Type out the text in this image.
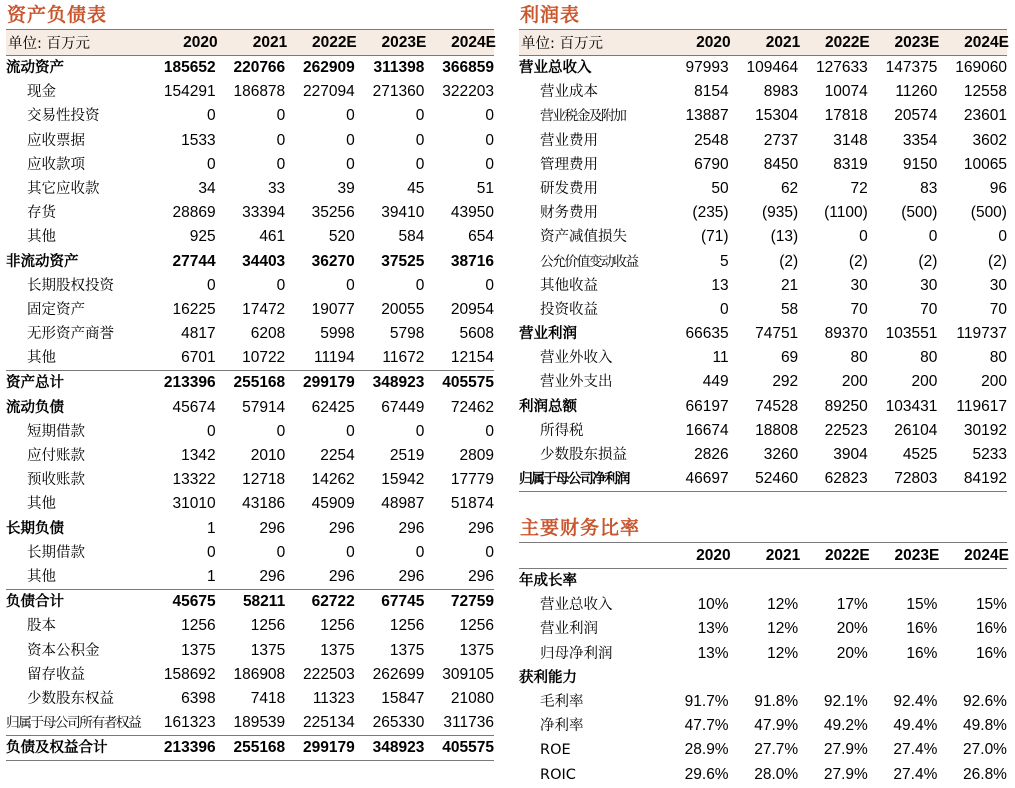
资产负债表
单位: 百万元	2020	2021	2022E	2023E	2024E
流动资产	185652	220766	262909	311398	366859
现金	154291	186878	227094	271360	322203
交易性投资	0	0	0	0	0
应收票据	1533	0	0	0	0
应收款项	0	0	0	0	0
其它应收款	34	33	39	45	51
存货	28869	33394	35256	39410	43950
其他	925	461	520	584	654
非流动资产	27744	34403	36270	37525	38716
长期股权投资	0	0	0	0	0
固定资产	16225	17472	19077	20055	20954
无形资产商誉	4817	6208	5998	5798	5608
其他	6701	10722	11194	11672	12154
资产总计	213396	255168	299179	348923	405575
流动负债	45674	57914	62425	67449	72462
短期借款	0	0	0	0	0
应付账款	1342	2010	2254	2519	2809
预收账款	13322	12718	14262	15942	17779
其他	31010	43186	45909	48987	51874
长期负债	1	296	296	296	296
长期借款	0	0	0	0	0
其他	1	296	296	296	296
负债合计	45675	58211	62722	67745	72759
股本	1256	1256	1256	1256	1256
资本公积金	1375	1375	1375	1375	1375
留存收益	158692	186908	222503	262699	309105
少数股东权益	6398	7418	11323	15847	21080
归属于母公司所有者权益	161323	189539	225134	265330	311736
负债及权益合计	213396	255168	299179	348923	405575
利润表
单位: 百万元	2020	2021	2022E	2023E	2024E
营业总收入	97993	109464	127633	147375	169060
营业成本	8154	8983	10074	11260	12558
营业税金及附加	13887	15304	17818	20574	23601
营业费用	2548	2737	3148	3354	3602
管理费用	6790	8450	8319	9150	10065
研发费用	50	62	72	83	96
财务费用	(235)	(935)	(1100)	(500)	(500)
资产减值损失	(71)	(13)	0	0	0
公允价值变动收益	5	(2)	(2)	(2)	(2)
其他收益	13	21	30	30	30
投资收益	0	58	70	70	70
营业利润	66635	74751	89370	103551	119737
营业外收入	11	69	80	80	80
营业外支出	449	292	200	200	200
利润总额	66197	74528	89250	103431	119617
所得税	16674	18808	22523	26104	30192
少数股东损益	2826	3260	3904	4525	5233
归属于母公司净利润	46697	52460	62823	72803	84192
主要财务比率
2020	2021	2022E	2023E	2024E
年成长率
营业总收入	10%	12%	17%	15%	15%
营业利润	13%	12%	20%	16%	16%
归母净利润	13%	12%	20%	16%	16%
获利能力
毛利率	91.7%	91.8%	92.1%	92.4%	92.6%
净利率	47.7%	47.9%	49.2%	49.4%	49.8%
ROE	28.9%	27.7%	27.9%	27.4%	27.0%
ROIC	29.6%	28.0%	27.9%	27.4%	26.8%
